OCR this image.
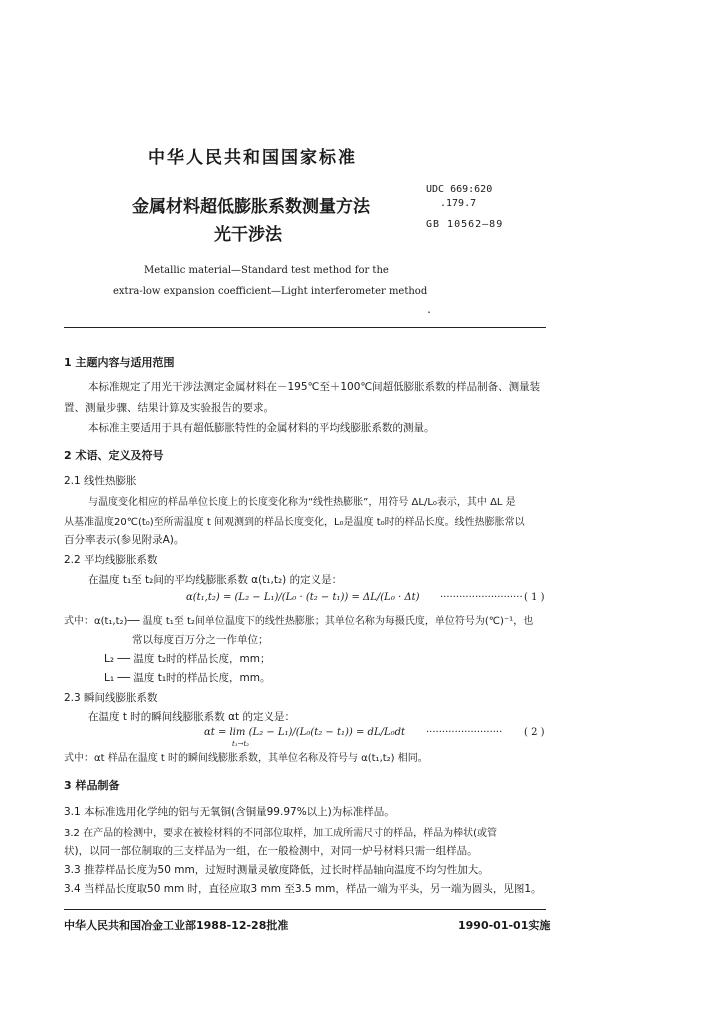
中华人民共和国国家标准
金属材料超低膨胀系数测量方法
光干涉法
UDC 669:620
.179.7
GB 10562—89
Metallic material—Standard test method for the
extra-low expansion coefficient—Light interferometer method
.
1 主题内容与适用范围
本标准规定了用光干涉法测定金属材料在－195℃至＋100℃间超低膨胀系数的样品制备、测量装
置、测量步骤、结果计算及实验报告的要求。
本标准主要适用于具有超低膨胀特性的金属材料的平均线膨胀系数的测量。
2 术语、定义及符号
2.1 线性热膨胀
与温度变化相应的样品单位长度上的长度变化称为“线性热膨胀”，用符号 ΔL/L₀表示，其中 ΔL 是
从基准温度20℃(t₀)至所需温度 t 间观测到的样品长度变化，L₀是温度 t₀时的样品长度。线性热膨胀常以
百分率表示(参见附录A)。
2.2 平均线膨胀系数
在温度 t₁至 t₂间的平均线膨胀系数 α(t₁,t₂) 的定义是：
α(t₁,t₂) = (L₂ − L₁)/(L₀ · (t₂ − t₁)) = ΔL/(L₀ · Δt) ·························· ( 1 )
式中：α(t₁,t₂)── 温度 t₁至 t₂间单位温度下的线性热膨胀；其单位名称为每摄氏度，单位符号为(℃)⁻¹，也
常以每度百万分之一作单位；
L₂ ── 温度 t₂时的样品长度，mm；
L₁ ── 温度 t₁时的样品长度，mm。
2.3 瞬间线膨胀系数
在温度 t 时的瞬间线膨胀系数 αt 的定义是：
αt = lim (L₂ − L₁)/(L₀(t₂ − t₁)) = dL/L₀dt
t₁→t₂
························ ( 2 )
式中：αt 样品在温度 t 时的瞬间线膨胀系数，其单位名称及符号与 α(t₁,t₂) 相同。
3 样品制备
3.1 本标准选用化学纯的铝与无氧铜(含铜量99.97%以上)为标准样品。
3.2 在产品的检测中，要求在被检材料的不同部位取样，加工成所需尺寸的样品，样品为棒状(或管
状)，以同一部位制取的三支样品为一组，在一般检测中，对同一炉号材料只需一组样品。
3.3 推荐样品长度为50 mm，过短时测量灵敏度降低，过长时样品轴向温度不均匀性加大。
3.4 当样品长度取50 mm 时，直径应取3 mm 至3.5 mm，样品一端为平头，另一端为圆头，见图1。
中华人民共和国冶金工业部1988-12-28批准	1990-01-01实施
